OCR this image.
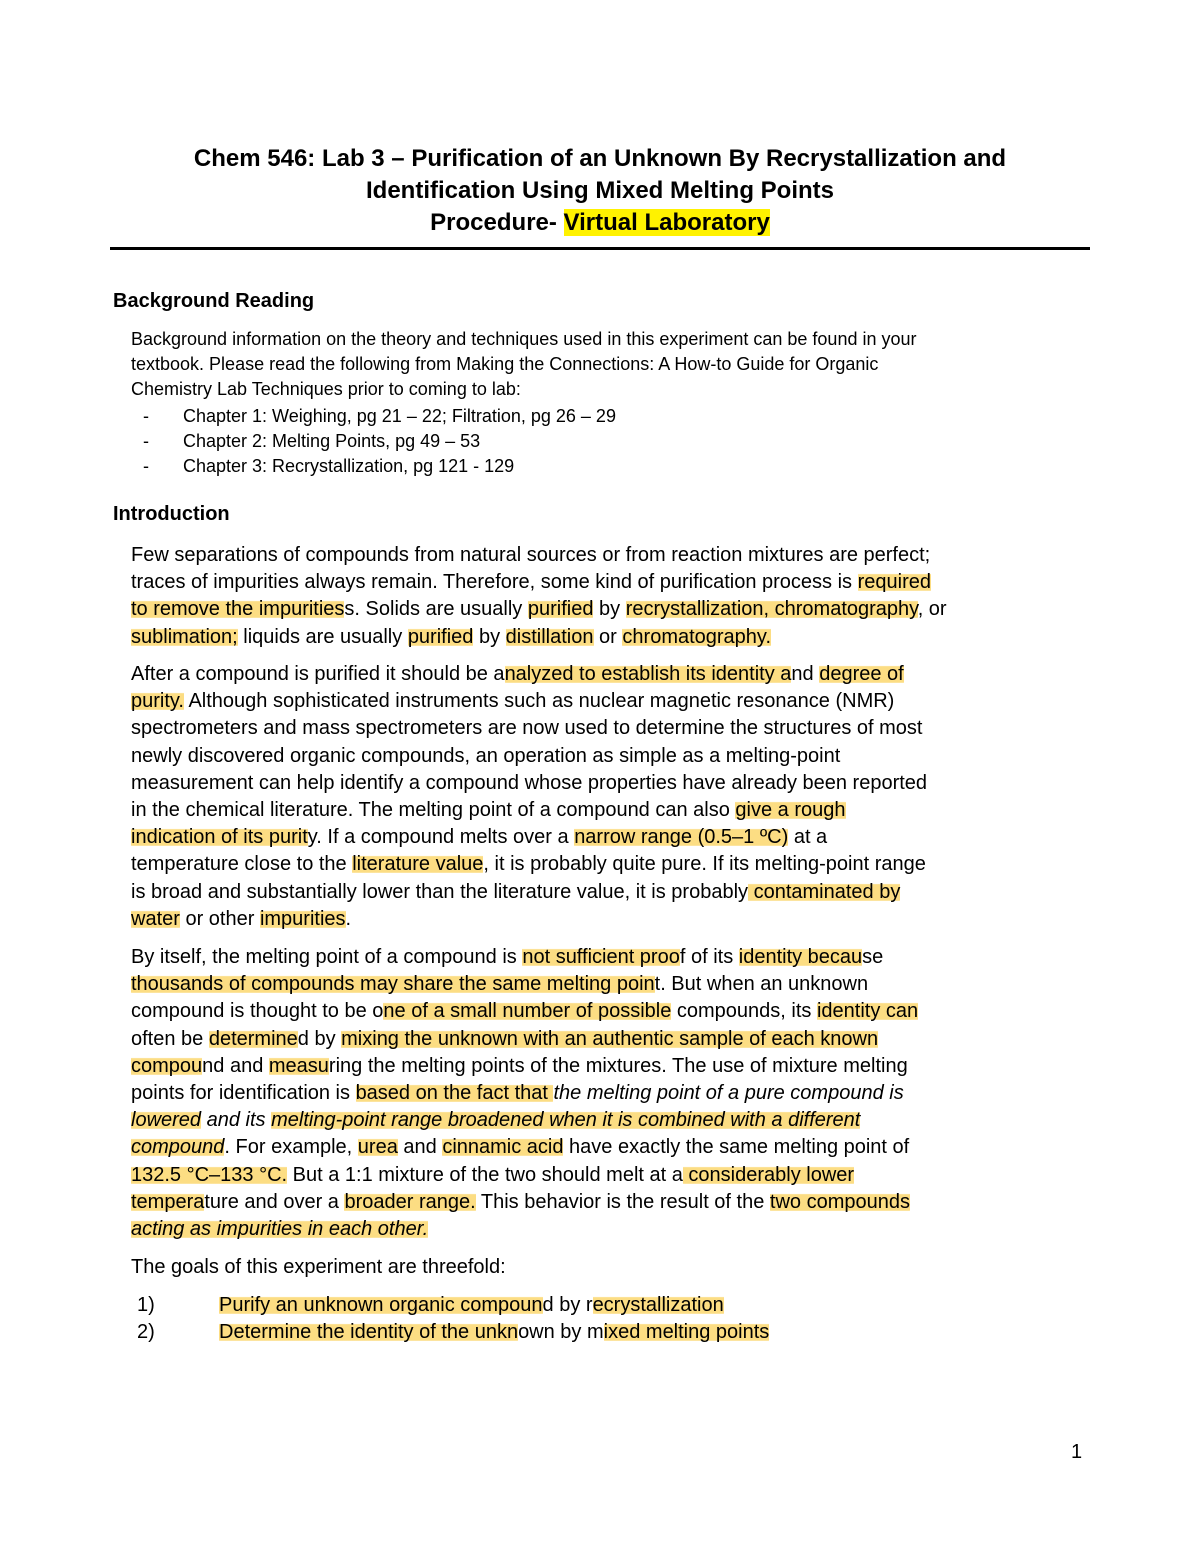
Chem 546: Lab 3 – Purification of an Unknown By Recrystallization and
Identification Using Mixed Melting Points
Procedure- Virtual Laboratory
Background Reading

Background information on the theory and techniques used in this experiment can be found in your
textbook. Please read the following from Making the Connections: A How-to Guide for Organic
Chemistry Lab Techniques prior to coming to lab:

- Chapter 1: Weighing, pg 21 – 22; Filtration, pg 26 – 29
- Chapter 2: Melting Points, pg 49 – 53
- Chapter 3: Recrystallization, pg 121 - 129
Introduction

Few separations of compounds from natural sources or from reaction mixtures are perfect;
traces of impurities always remain. Therefore, some kind of purification process is required
to remove the impuritiess. Solids are usually purified by recrystallization, chromatography, or
sublimation; liquids are usually purified by distillation or chromatography.

After a compound is purified it should be analyzed to establish its identity and degree of
purity. Although sophisticated instruments such as nuclear magnetic resonance (NMR)
spectrometers and mass spectrometers are now used to determine the structures of most
newly discovered organic compounds, an operation as simple as a melting-point
measurement can help identify a compound whose properties have already been reported
in the chemical literature. The melting point of a compound can also give a rough
indication of its purity. If a compound melts over a narrow range (0.5–1 ºC) at a
temperature close to the literature value, it is probably quite pure. If its melting-point range
is broad and substantially lower than the literature value, it is probably contaminated by
water or other impurities.

By itself, the melting point of a compound is not sufficient proof of its identity because
thousands of compounds may share the same melting point. But when an unknown
compound is thought to be one of a small number of possible compounds, its identity can
often be determined by mixing the unknown with an authentic sample of each known
compound and measuring the melting points of the mixtures. The use of mixture melting
points for identification is based on the fact that the melting point of a pure compound is
lowered and its melting-point range broadened when it is combined with a different
compound. For example, urea and cinnamic acid have exactly the same melting point of
132.5 °C–133 °C. But a 1:1 mixture of the two should melt at a considerably lower
temperature and over a broader range. This behavior is the result of the two compounds
acting as impurities in each other.

The goals of this experiment are threefold:

1)	Purify an unknown organic compound by recrystallization
2)	Determine the identity of the unknown by mixed melting points
1
